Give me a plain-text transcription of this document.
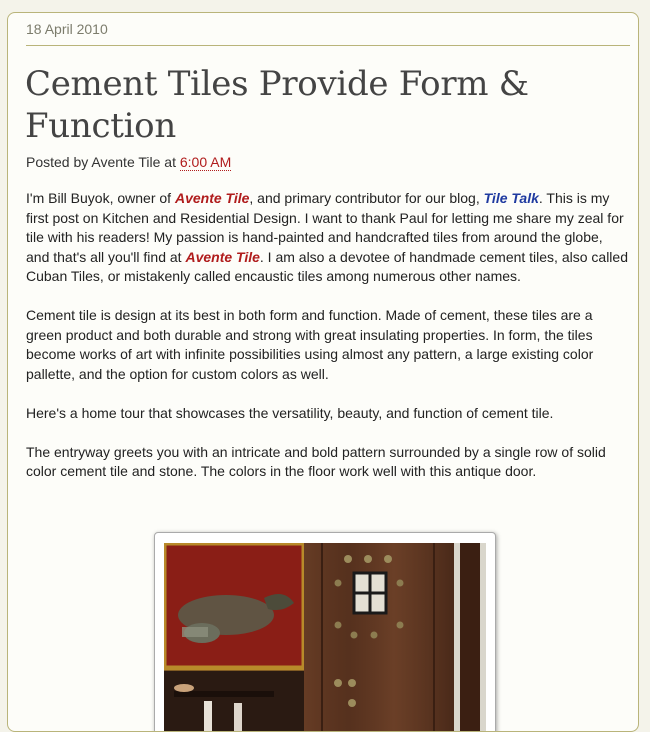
18 April 2010
Cement Tiles Provide Form & Function
Posted by Avente Tile at 6:00 AM

I'm Bill Buyok, owner of Avente Tile, and primary contributor for our blog, Tile Talk. This is my first post on Kitchen and Residential Design. I want to thank Paul for letting me share my zeal for tile with his readers! My passion is hand-painted and handcrafted tiles from around the globe, and that's all you'll find at Avente Tile. I am also a devotee of handmade cement tiles, also called Cuban Tiles, or mistakenly called encaustic tiles among numerous other names.

Cement tile is design at its best in both form and function. Made of cement, these tiles are a green product and both durable and strong with great insulating properties. In form, the tiles become works of art with infinite possibilities using almost any pattern, a large existing color pallette, and the option for custom colors as well.

Here's a home tour that showcases the versatility, beauty, and function of cement tile.

The entryway greets you with an intricate and bold pattern surrounded by a single row of solid color cement tile and stone. The colors in the floor work well with this antique door.
